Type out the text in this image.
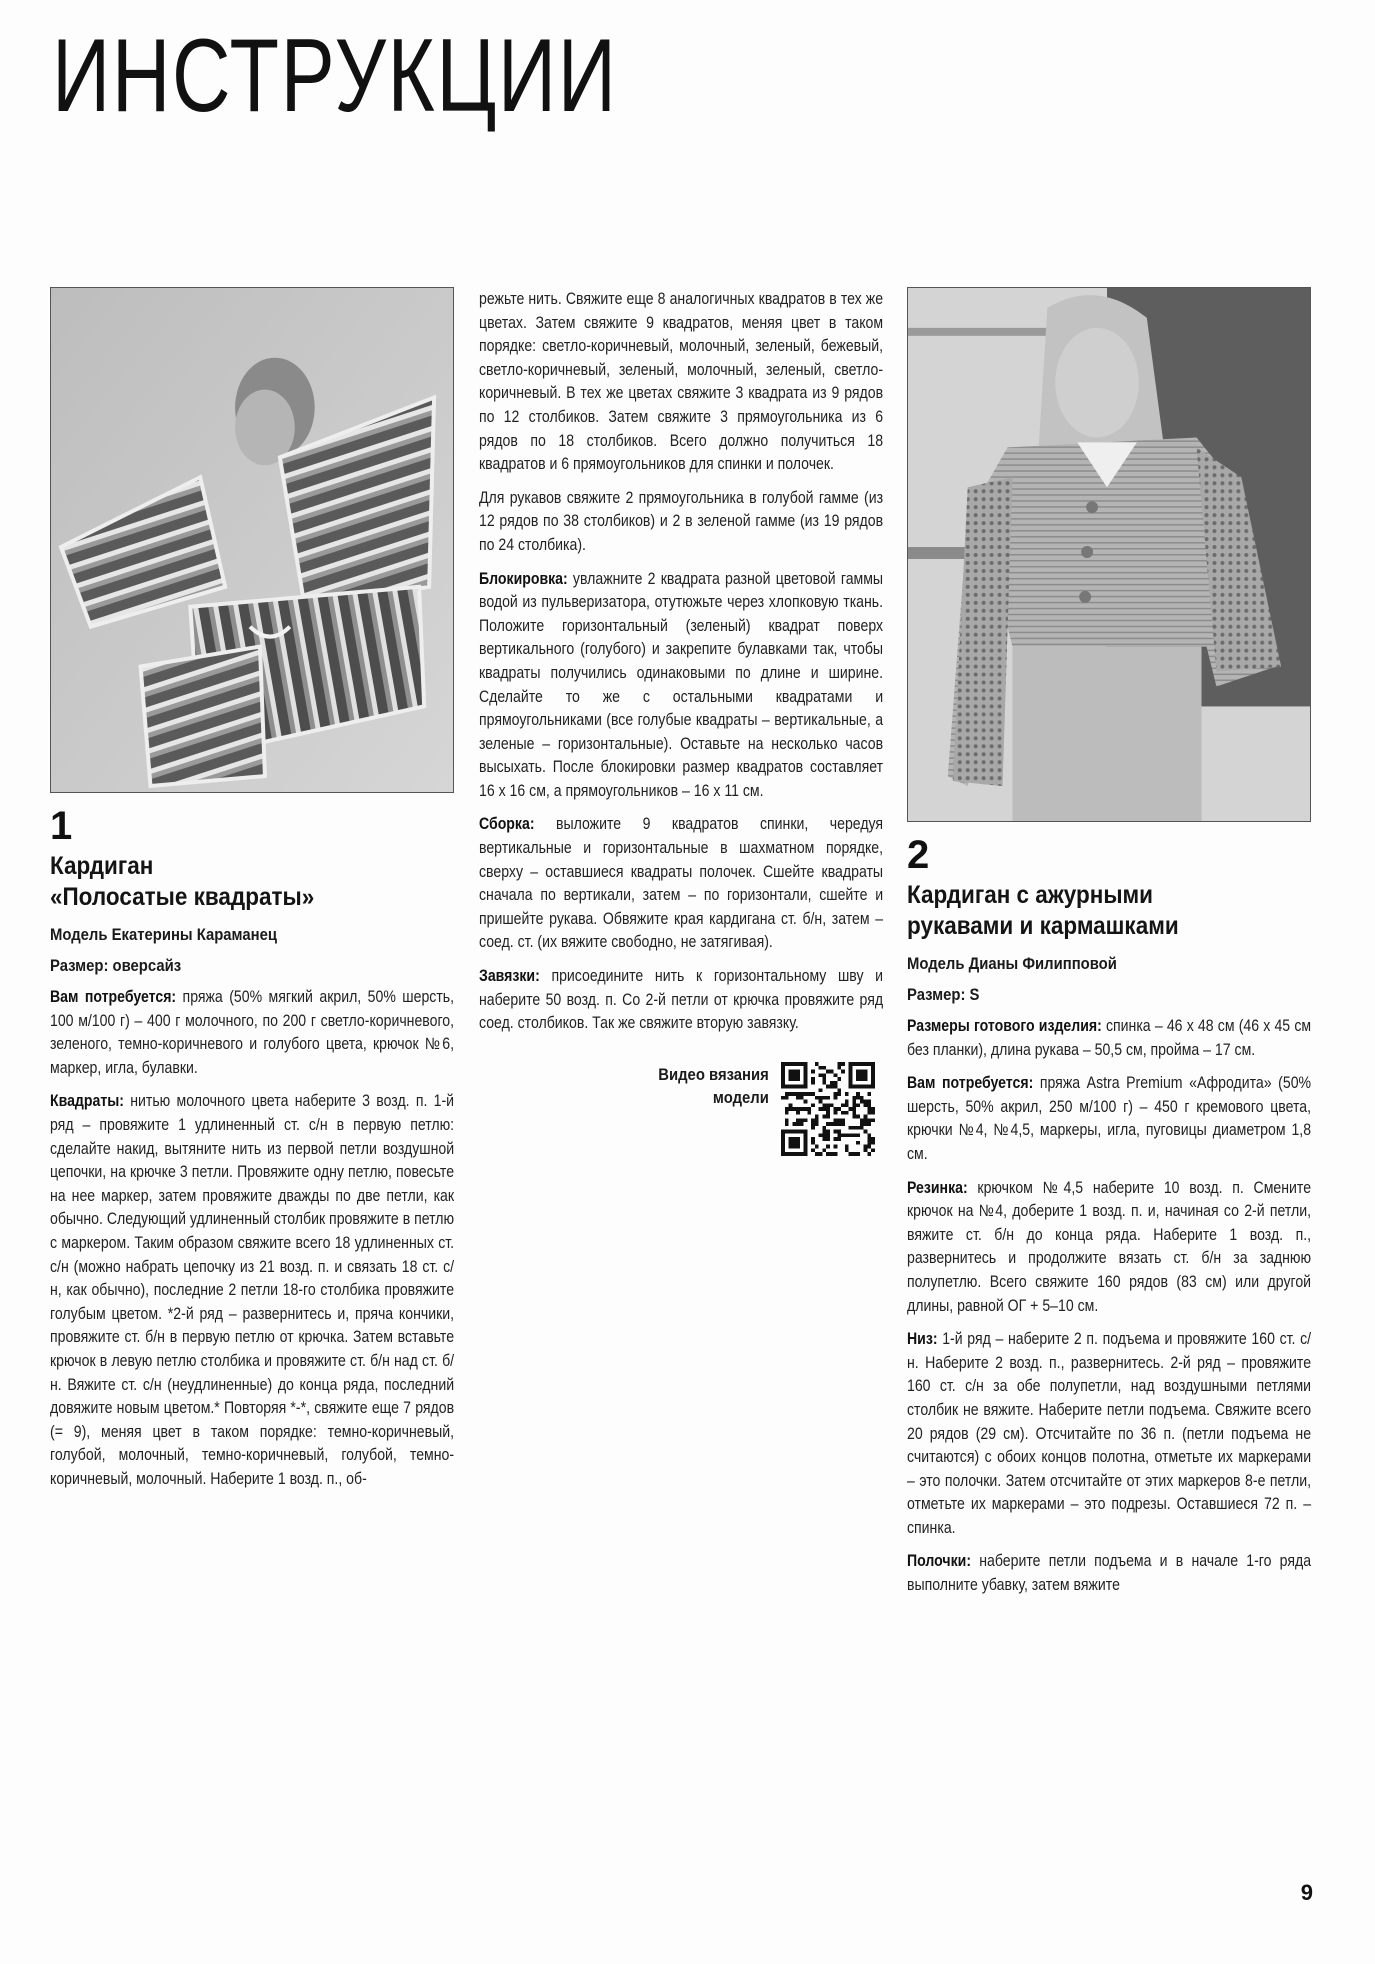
ИНСТРУКЦИИ
1
Кардиган
«Полосатые квадраты»
Модель Екатерины Караманец
Размер: оверсайз

Вам потребуется: пряжа (50% мягкий акрил, 50% шерсть, 100 м/100 г) – 400 г молочного, по 200 г светло-коричневого, зеленого, темно-коричневого и голубого цвета, крючок №6, маркер, игла, булавки.

Квадраты: нитью молочного цвета наберите 3 возд. п. 1-й ряд – провяжите 1 удлиненный ст. с/н в первую петлю: сделайте накид, вытяните нить из первой петли воздушной цепочки, на крючке 3 петли. Провяжите одну петлю, повесьте на нее маркер, затем провяжите дважды по две петли, как обычно. Следующий удлиненный столбик провяжите в петлю с маркером. Таким образом свяжите всего 18 удлиненных ст. с/н (можно набрать цепочку из 21 возд. п. и связать 18 ст. с/н, как обычно), последние 2 петли 18-го столбика провяжите голубым цветом. *2-й ряд – развернитесь и, пряча кончики, провяжите ст. б/н в первую петлю от крючка. Затем вставьте крючок в левую петлю столбика и провяжите ст. б/н над ст. б/н. Вяжите ст. с/н (неудлиненные) до конца ряда, последний довяжите новым цветом.* Повторяя *-*, свяжите еще 7 рядов (= 9), меняя цвет в таком порядке: темно-коричневый, голубой, молочный, темно-коричневый, голубой, темно-коричневый, молочный. Наберите 1 возд. п., об-

режьте нить. Свяжите еще 8 аналогичных квадратов в тех же цветах. Затем свяжите 9 квадратов, меняя цвет в таком порядке: светло-коричневый, молочный, зеленый, бежевый, светло-коричневый, зеленый, молочный, зеленый, светло-коричневый. В тех же цветах свяжите 3 квадрата из 9 рядов по 12 столбиков. Затем свяжите 3 прямоугольника из 6 рядов по 18 столбиков. Всего должно получиться 18 квадратов и 6 прямоугольников для спинки и полочек.

Для рукавов свяжите 2 прямоугольника в голубой гамме (из 12 рядов по 38 столбиков) и 2 в зеленой гамме (из 19 рядов по 24 столбика).

Блокировка: увлажните 2 квадрата разной цветовой гаммы водой из пульверизатора, отутюжьте через хлопковую ткань. Положите горизонтальный (зеленый) квадрат поверх вертикального (голубого) и закрепите булавками так, чтобы квадраты получились одинаковыми по длине и ширине. Сделайте то же с остальными квадратами и прямоугольниками (все голубые квадраты – вертикальные, а зеленые – горизонтальные). Оставьте на несколько часов высыхать. После блокировки размер квадратов составляет 16 х 16 см, а прямоугольников – 16 х 11 см.

Сборка: выложите 9 квадратов спинки, чередуя вертикальные и горизонтальные в шахматном порядке, сверху – оставшиеся квадраты полочек. Сшейте квадраты сначала по вертикали, затем – по горизонтали, сшейте и пришейте рукава. Обвяжите края кардигана ст. б/н, затем – соед. ст. (их вяжите свободно, не затягивая).

Завязки: присоедините нить к горизонтальному шву и наберите 50 возд. п. Со 2-й петли от крючка провяжите ряд соед. столбиков. Так же свяжите вторую завязку.

Видео вязания
модели
2
Кардиган с ажурными
рукавами и кармашками
Модель Дианы Филипповой
Размер: S

Размеры готового изделия: спинка – 46 х 48 см (46 х 45 см без планки), длина рукава – 50,5 см, пройма – 17 см.

Вам потребуется: пряжа Astra Premium «Афродита» (50% шерсть, 50% акрил, 250 м/100 г) – 450 г кремового цвета, крючки №4, №4,5, маркеры, игла, пуговицы диаметром 1,8 см.

Резинка: крючком №4,5 наберите 10 возд. п. Смените крючок на №4, доберите 1 возд. п. и, начиная со 2-й петли, вяжите ст. б/н до конца ряда. Наберите 1 возд. п., развернитесь и продолжите вязать ст. б/н за заднюю полупетлю. Всего свяжите 160 рядов (83 см) или другой длины, равной ОГ + 5–10 см.

Низ: 1-й ряд – наберите 2 п. подъема и провяжите 160 ст. с/н. Наберите 2 возд. п., развернитесь. 2-й ряд – провяжите 160 ст. с/н за обе полупетли, над воздушными петлями столбик не вяжите. Наберите петли подъема. Свяжите всего 20 рядов (29 см). Отсчитайте по 36 п. (петли подъема не считаются) с обоих концов полотна, отметьте их маркерами – это полочки. Затем отсчитайте от этих маркеров 8-е петли, отметьте их маркерами – это подрезы. Оставшиеся 72 п. – спинка.

Полочки: наберите петли подъема и в начале 1-го ряда выполните убавку, затем вяжите

9
